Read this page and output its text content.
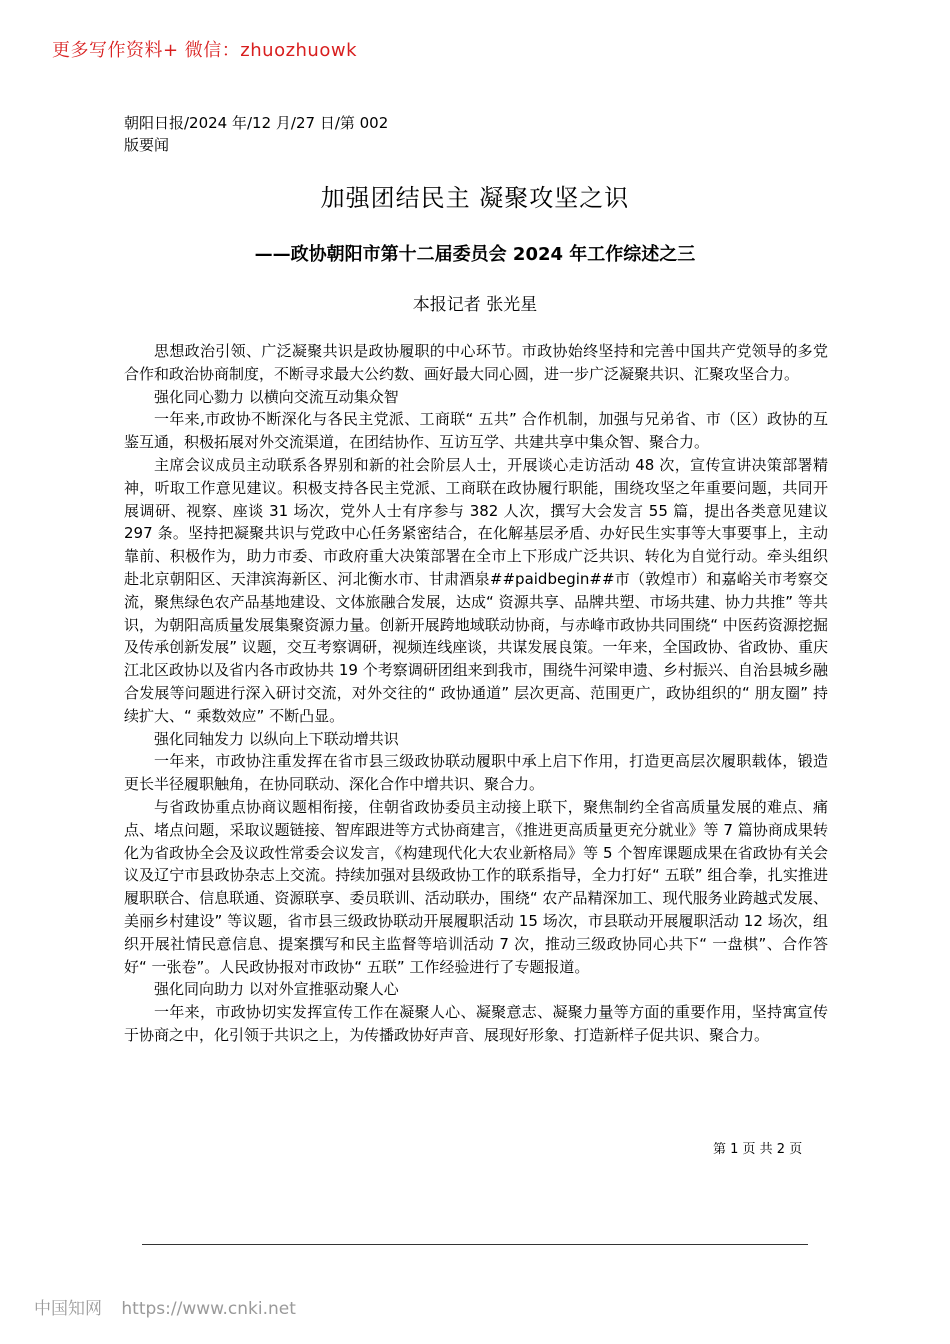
更多写作资料+ 微信：zhuozhuowk
朝阳日报/2024 年/12 月/27 日/第 002
版要闻
加强团结民主 凝聚攻坚之识
——政协朝阳市第十二届委员会 2024 年工作综述之三
本报记者 张光星

思想政治引领、广泛凝聚共识是政协履职的中心环节。市政协始终坚持和完善中国共产党领导的多党合作和政治协商制度，不断寻求最大公约数、画好最大同心圆，进一步广泛凝聚共识、汇聚攻坚合力。

强化同心勠力 以横向交流互动集众智

一年来,市政协不断深化与各民主党派、工商联“ 五共” 合作机制，加强与兄弟省、市（区）政协的互鉴互通，积极拓展对外交流渠道，在团结协作、互访互学、共建共享中集众智、聚合力。

主席会议成员主动联系各界别和新的社会阶层人士，开展谈心走访活动 48 次，宣传宣讲决策部署精神，听取工作意见建议。积极支持各民主党派、工商联在政协履行职能，围绕攻坚之年重要问题，共同开展调研、视察、座谈 31 场次，党外人士有序参与 382 人次，撰写大会发言 55 篇，提出各类意见建议 297 条。坚持把凝聚共识与党政中心任务紧密结合，在化解基层矛盾、办好民生实事等大事要事上，主动靠前、积极作为，助力市委、市政府重大决策部署在全市上下形成广泛共识、转化为自觉行动。牵头组织赴北京朝阳区、天津滨海新区、河北衡水市、甘肃酒泉##paidbegin##市（敦煌市）和嘉峪关市考察交流，聚焦绿色农产品基地建设、文体旅融合发展，达成“ 资源共享、品牌共塑、市场共建、协力共推” 等共识，为朝阳高质量发展集聚资源力量。创新开展跨地域联动协商，与赤峰市政协共同围绕“ 中医药资源挖掘及传承创新发展” 议题，交互考察调研，视频连线座谈，共谋发展良策。一年来，全国政协、省政协、重庆江北区政协以及省内各市政协共 19 个考察调研团组来到我市，围绕牛河梁申遗、乡村振兴、自治县城乡融合发展等问题进行深入研讨交流，对外交往的“ 政协通道” 层次更高、范围更广，政协组织的“ 朋友圈” 持续扩大、“ 乘数效应” 不断凸显。

强化同轴发力 以纵向上下联动增共识

一年来，市政协注重发挥在省市县三级政协联动履职中承上启下作用，打造更高层次履职载体，锻造更长半径履职触角，在协同联动、深化合作中增共识、聚合力。

与省政协重点协商议题相衔接，住朝省政协委员主动接上联下，聚焦制约全省高质量发展的难点、痛点、堵点问题，采取议题链接、智库跟进等方式协商建言，《推进更高质量更充分就业》等 7 篇协商成果转化为省政协全会及议政性常委会议发言，《构建现代化大农业新格局》等 5 个智库课题成果在省政协有关会议及辽宁市县政协杂志上交流。持续加强对县级政协工作的联系指导，全力打好“ 五联” 组合拳，扎实推进履职联合、信息联通、资源联享、委员联训、活动联办，围绕“ 农产品精深加工、现代服务业跨越式发展、美丽乡村建设” 等议题，省市县三级政协联动开展履职活动 15 场次，市县联动开展履职活动 12 场次，组织开展社情民意信息、提案撰写和民主监督等培训活动 7 次，推动三级政协同心共下“ 一盘棋”、合作答好“ 一张卷”。人民政协报对市政协“ 五联” 工作经验进行了专题报道。

强化同向助力 以对外宣推驱动聚人心

一年来，市政协切实发挥宣传工作在凝聚人心、凝聚意志、凝聚力量等方面的重要作用，坚持寓宣传于协商之中，化引领于共识之上，为传播政协好声音、展现好形象、打造新样子促共识、聚合力。

第 1 页 共 2 页
中国知网 https://www.cnki.net
